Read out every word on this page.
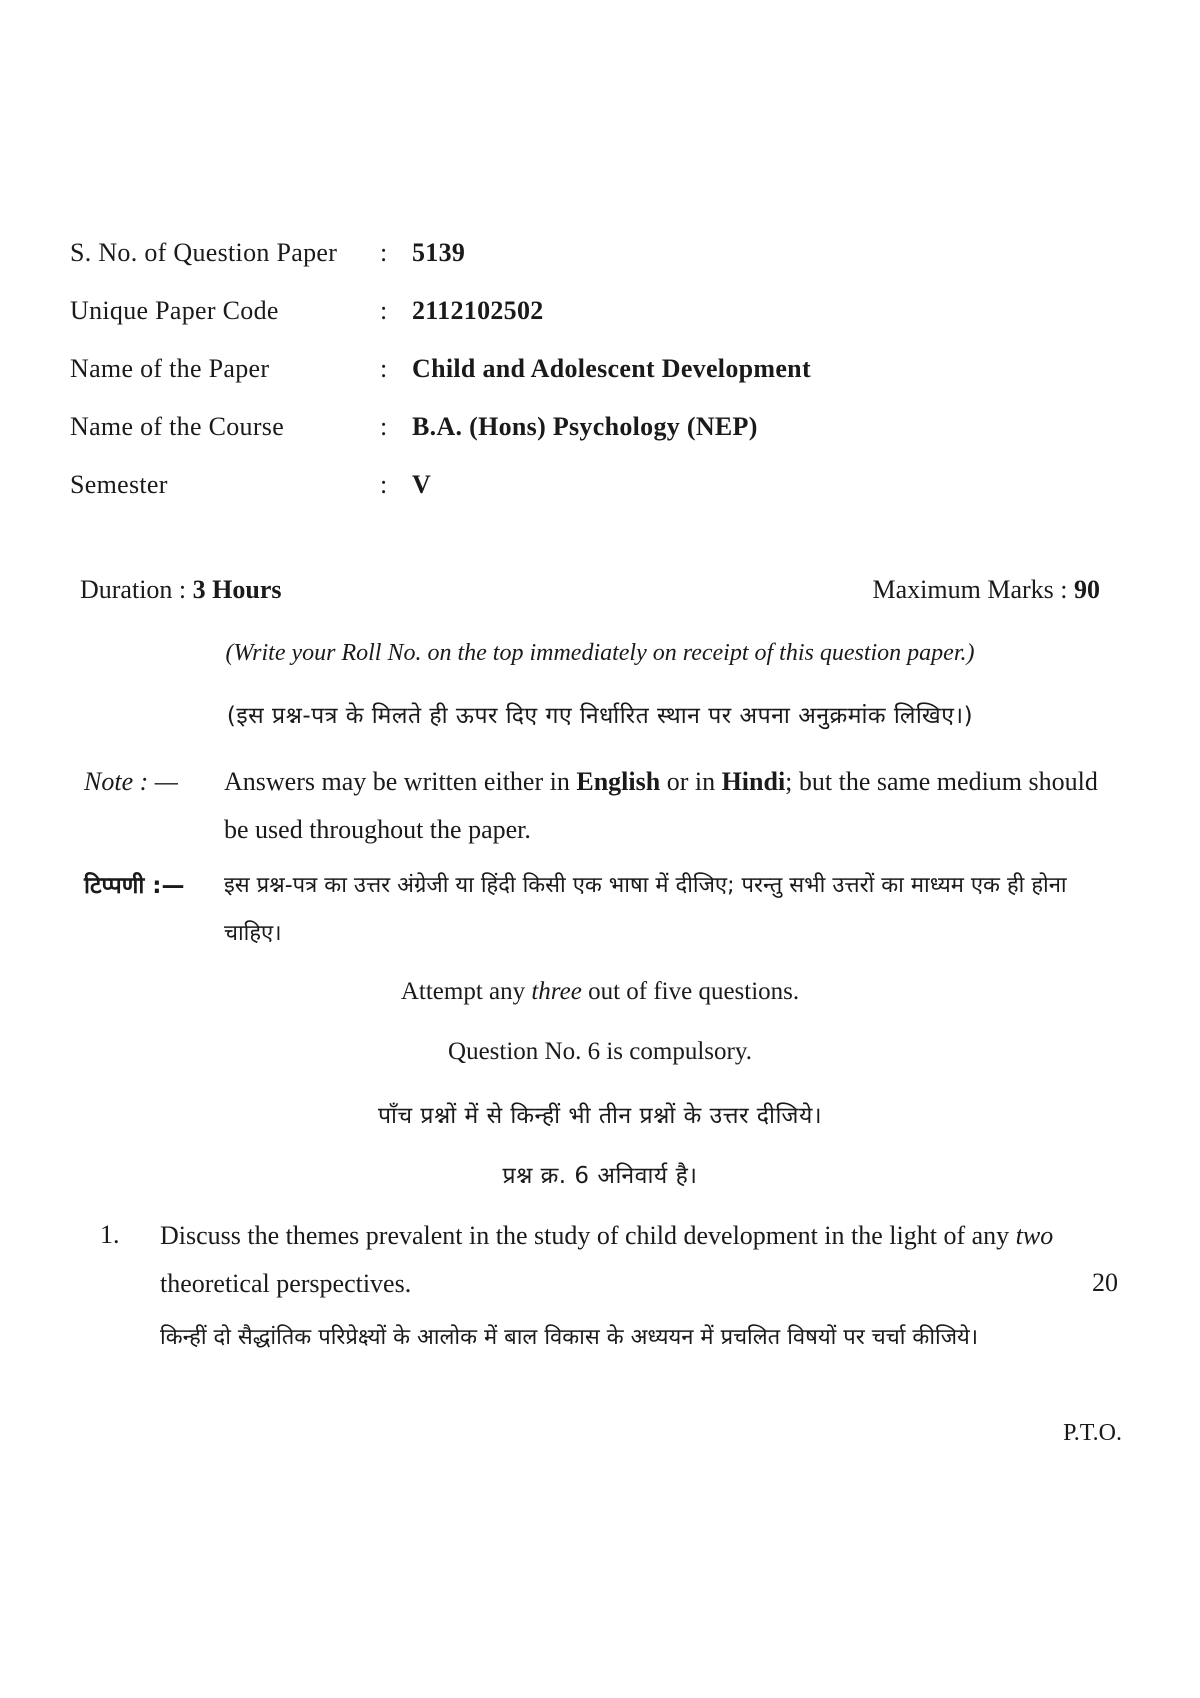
S. No. of Question Paper : 5139
Unique Paper Code	: 2112102502
Name of the Paper	: Child and Adolescent Development
Name of the Course	: B.A. (Hons) Psychology (NEP)
Semester	: V
Duration : 3 Hours	Maximum Marks : 90
(Write your Roll No. on the top immediately on receipt of this question paper.)
(इस प्रश्न-पत्र के मिलते ही ऊपर दिए गए निर्धारित स्थान पर अपना अनुक्रमांक लिखिए।)
Note : — Answers may be written either in English or in Hindi; but the same medium should be used throughout the paper.
टिप्पणी :— इस प्रश्न-पत्र का उत्तर अंग्रेजी या हिंदी किसी एक भाषा में दीजिए; परन्तु सभी उत्तरों का माध्यम एक ही होना चाहिए।
Attempt any three out of five questions.
Question No. 6 is compulsory.
पाँच प्रश्नों में से किन्हीं भी तीन प्रश्नों के उत्तर दीजिये।
प्रश्न क्र. 6 अनिवार्य है।
1. Discuss the themes prevalent in the study of child development in the light of any two theoretical perspectives.	20
किन्हीं दो सैद्धांतिक परिप्रेक्ष्यों के आलोक में बाल विकास के अध्ययन में प्रचलित विषयों पर चर्चा कीजिये।
P.T.O.
